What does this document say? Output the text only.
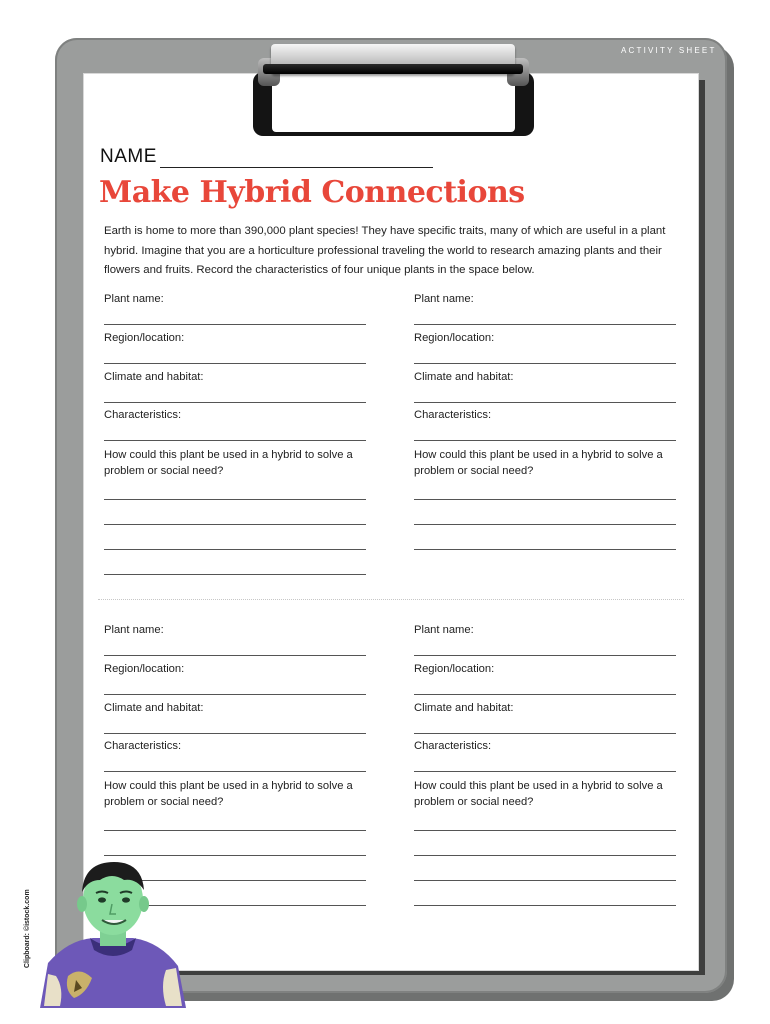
ACTIVITY SHEET
NAME
Make Hybrid Connections

Earth is home to more than 390,000 plant species! They have specific traits, many of which are useful in a plant hybrid. Imagine that you are a horticulture professional traveling the world to research amazing plants and their flowers and fruits. Record the characteristics of four unique plants in the space below.

Plant name:
Region/location:
Climate and habitat:
Characteristics:
How could this plant be used in a hybrid to solve a problem or social need?
Plant name:
Region/location:
Climate and habitat:
Characteristics:
How could this plant be used in a hybrid to solve a problem or social need?
Plant name:
Region/location:
Climate and habitat:
Characteristics:
How could this plant be used in a hybrid to solve a problem or social need?
Plant name:
Region/location:
Climate and habitat:
Characteristics:
How could this plant be used in a hybrid to solve a problem or social need?
Clipboard: ©istock.com
